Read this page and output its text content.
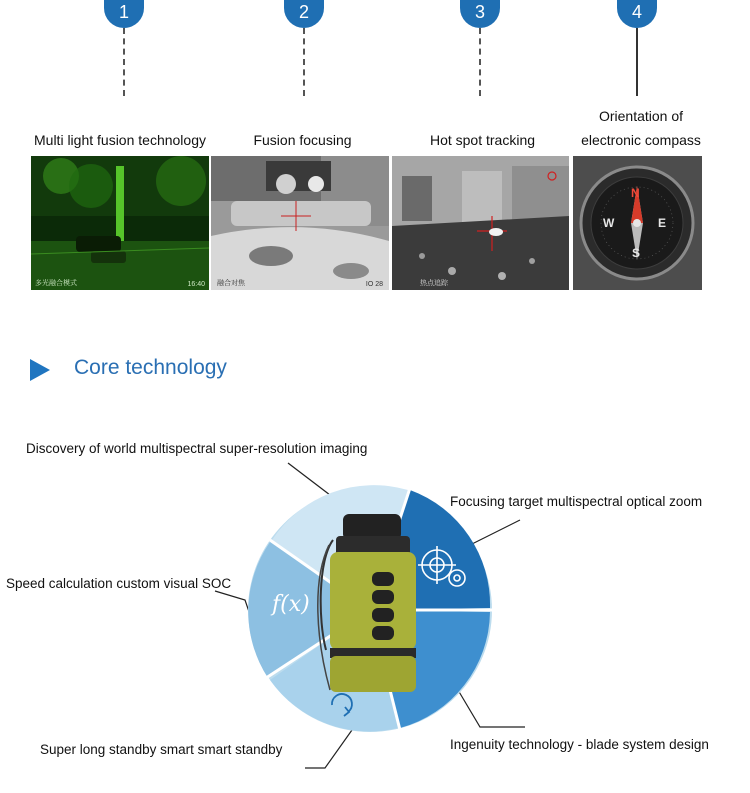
1	2	3	4
Multi light fusion technology	Fusion focusing	Hot spot tracking
Orientation of
electronic compass
多光融合模式	16:40 融合对焦	IO 28	热点追踪
N
E
S
W
Core technology
f(x)
Discovery of world multispectral super-resolution imaging
Focusing target multispectral optical zoom
Speed calculation custom visual SOC
Ingenuity technology - blade system design
Super long standby smart smart standby
